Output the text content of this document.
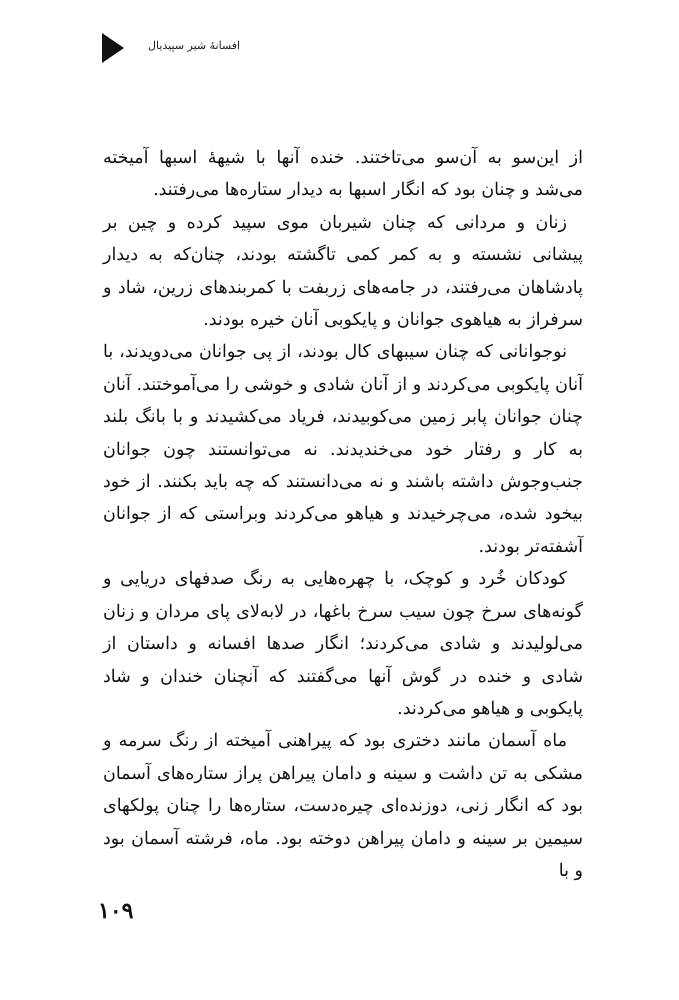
افسانهٔ شیر سپیدیال

از این‌سو به آن‌سو می‌تاختند. خنده آنها با شیههٔ اسبها آمیخته می‌شد و چنان بود که انگار اسبها به دیدار ستاره‌ها می‌رفتند.

زنان و مردانی که چنان شیربان موی سپید کرده و چین بر پیشانی نشسته و به کمر کمی تاگشته بودند، چنان‌که به دیدار پادشاهان می‌رفتند، در جامه‌های زربفت با کمربندهای زرین، شاد و سرفراز به هیاهوی جوانان و پایکوبی آنان خیره بودند.

نوجوانانی که چنان سیبهای کال بودند، از پی جوانان می‌دویدند، با آنان پایکوبی می‌کردند و از آنان شادی و خوشی را می‌آموختند. آنان چنان جوانان پابر زمین می‌کوبیدند، فریاد می‌کشیدند و با بانگ بلند به کار و رفتار خود می‌خندیدند. نه می‌توانستند چون جوانان جنب‌وجوش داشته باشند و نه می‌دانستند که چه باید بکنند. از خود بیخود شده، می‌چرخیدند و هیاهو می‌کردند وبراستی که از جوانان آشفته‌تر بودند.

کودکان خُرد و کوچک، با چهره‌هایی به رنگ صدفهای دریایی و گونه‌های سرخ چون سیب سرخ باغها، در لابه‌لای پای مردان و زنان می‌لولیدند و شادی می‌کردند؛ انگار صدها افسانه و داستان از شادی و خنده در گوش آنها می‌گفتند که آنچنان خندان و شاد پایکوبی و هیاهو می‌کردند.

ماه آسمان مانند دختری بود که پیراهنی آمیخته از رنگ سرمه و مشکی به تن داشت و سینه و دامان پیراهن پراز ستاره‌های آسمان بود که انگار زنی، دوزنده‌ای چیره‌دست، ستاره‌ها را چنان پولکهای سیمین بر سینه و دامان پیراهن دوخته بود. ماه، فرشته آسمان بود و با

۱۰۹
